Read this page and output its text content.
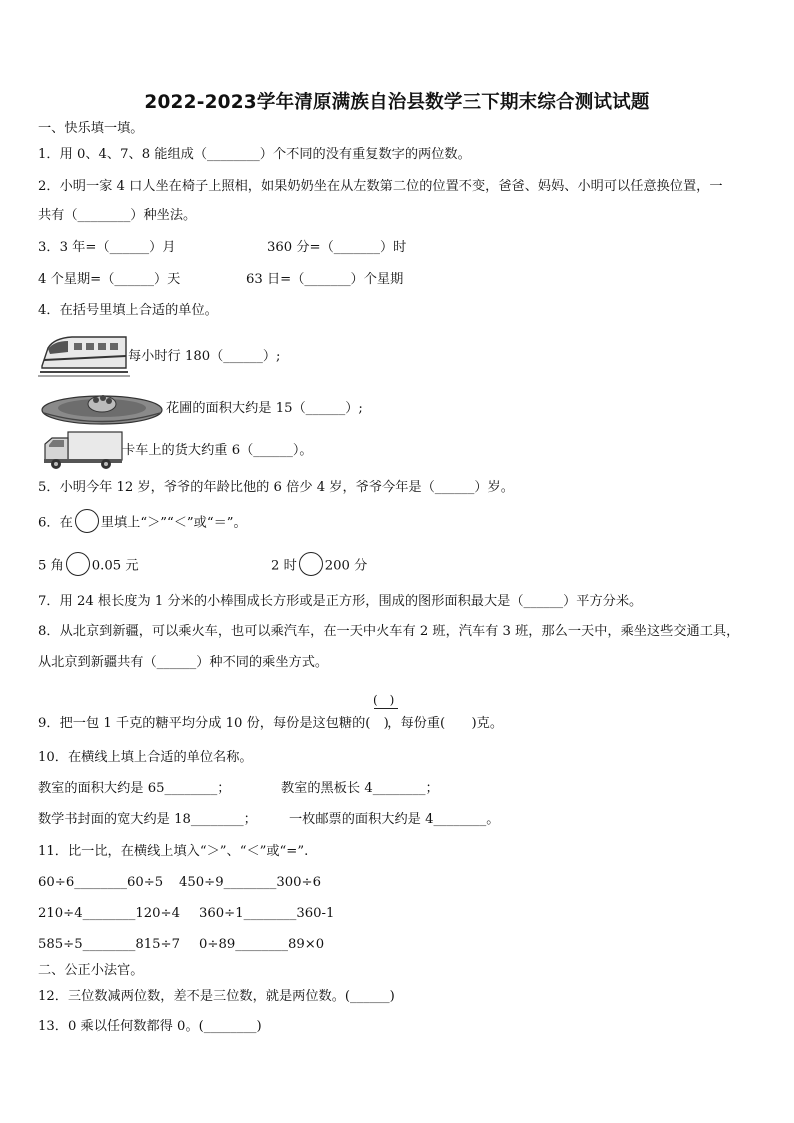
2022-2023学年清原满族自治县数学三下期末综合测试试题
一、快乐填一填。
1．用 0、4、7、8 能组成（________）个不同的没有重复数字的两位数。
2．小明一家 4 口人坐在椅子上照相，如果奶奶坐在从左数第二位的位置不变，爸爸、妈妈、小明可以任意换位置，一
共有（________）种坐法。
3．3 年=（______）月	360 分=（_______）时
4 个星期=（______）天	63 日=（_______）个星期
4．在括号里填上合适的单位。
每小时行 180（______）;
花圃的面积大约是 15（______）;
卡车上的货大约重 6（______）。
5．小明今年 12 岁，爷爷的年龄比他的 6 倍少 4 岁，爷爷今年是（______）岁。
6．在 里填上“＞”“＜”或“＝”。
5 角 0.05 元	2 时 200 分
7．用 24 根长度为 1 分米的小棒围成长方形或是正方形，围成的图形面积最大是（______）平方分米。
8．从北京到新疆，可以乘火车，也可以乘汽车，在一天中火车有 2 班，汽车有 3 班，那么一天中，乘坐这些交通工具，
从北京到新疆共有（______）种不同的乘坐方式。
(　)
9．把一包 1 千克的糖平均分成 10 份，每份是这包糖的(　)，每份重(　　)克。
10．在横线上填上合适的单位名称。
教室的面积大约是 65________；	教室的黑板长 4________；
数学书封面的宽大约是 18________； 一枚邮票的面积大约是 4________。
11．比一比，在横线上填入“＞”、“＜”或“=”.
60÷6________60÷5 450÷9________300÷6
210÷4________120÷4 360÷1________360-1
585÷5________815÷7 0÷89________89×0
二、公正小法官。
12．三位数减两位数，差不是三位数，就是两位数。(______)
13．0 乘以任何数都得 0。(________)
